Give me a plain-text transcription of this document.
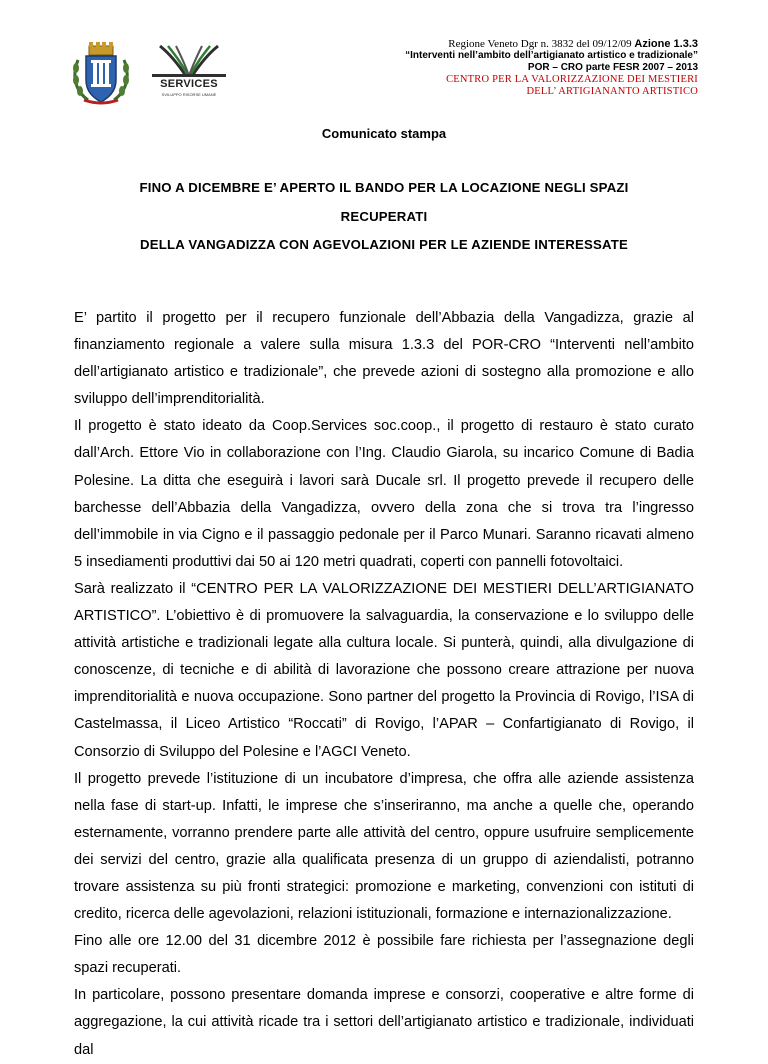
SERVICES
SVILUPPO RISORSE UMANE
Regione Veneto Dgr n. 3832 del 09/12/09 Azione 1.3.3
“Interventi nell’ambito dell’artigianato artistico e tradizionale”
POR – CRO parte FESR 2007 – 2013
CENTRO PER LA VALORIZZAZIONE DEI MESTIERI
DELL’ ARTIGIANANTO ARTISTICO
Comunicato stampa
FINO A DICEMBRE E’ APERTO IL BANDO PER LA LOCAZIONE NEGLI SPAZI
RECUPERATI
DELLA VANGADIZZA CON AGEVOLAZIONI PER LE AZIENDE INTERESSATE

E’ partito il progetto per il recupero funzionale dell’Abbazia della Vangadizza, grazie al finanziamento regionale a valere sulla misura 1.3.3 del POR-CRO “Interventi nell’ambito dell’artigianato artistico e tradizionale”, che prevede azioni di sostegno alla promozione e allo sviluppo dell’imprenditorialità.

Il progetto è stato ideato da Coop.Services soc.coop., il progetto di restauro è stato curato dall’Arch. Ettore Vio in collaborazione con l’Ing. Claudio Giarola, su incarico Comune di Badia Polesine. La ditta che eseguirà i lavori sarà Ducale srl. Il progetto prevede il recupero delle barchesse dell’Abbazia della Vangadizza, ovvero della zona che si trova tra l’ingresso dell’immobile in via Cigno e il passaggio pedonale per il Parco Munari. Saranno ricavati almeno 5 insediamenti produttivi dai 50 ai 120 metri quadrati, coperti con pannelli fotovoltaici.

Sarà realizzato il “CENTRO PER LA VALORIZZAZIONE DEI MESTIERI DELL’ARTIGIANATO ARTISTICO”. L’obiettivo è di promuovere la salvaguardia, la conservazione e lo sviluppo delle attività artistiche e tradizionali legate alla cultura locale. Si punterà, quindi, alla divulgazione di conoscenze, di tecniche e di abilità di lavorazione che possono creare attrazione per nuova imprenditorialità e nuova occupazione. Sono partner del progetto la Provincia di Rovigo, l’ISA di Castelmassa, il Liceo Artistico “Roccati” di Rovigo, l’APAR – Confartigianato di Rovigo, il Consorzio di Sviluppo del Polesine e l’AGCI Veneto.

Il progetto prevede l’istituzione di un incubatore d’impresa, che offra alle aziende assistenza nella fase di start-up. Infatti, le imprese che s’inseriranno, ma anche a quelle che, operando esternamente, vorranno prendere parte alle attività del centro, oppure usufruire semplicemente dei servizi del centro, grazie alla qualificata presenza di un gruppo di aziendalisti, potranno trovare assistenza su più fronti strategici: promozione e marketing, convenzioni con istituti di credito, ricerca delle agevolazioni, relazioni istituzionali, formazione e internazionalizzazione.

Fino alle ore 12.00 del 31 dicembre 2012 è possibile fare richiesta per l’assegnazione degli spazi recuperati.

In particolare, possono presentare domanda imprese e consorzi, cooperative e altre forme di aggregazione, la cui attività ricade tra i settori dell’artigianato artistico e tradizionale, individuati dal
